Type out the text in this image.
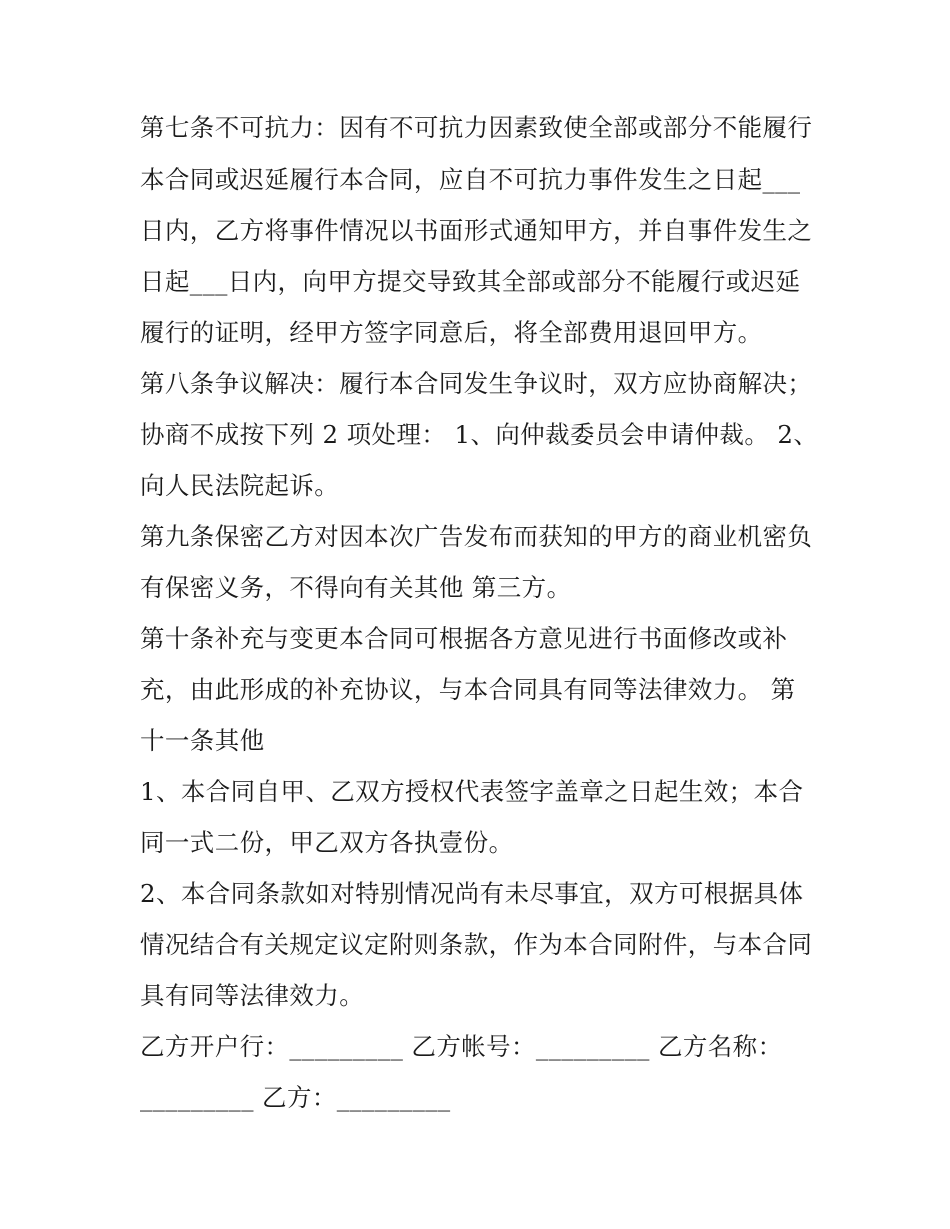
第七条不可抗力：因有不可抗力因素致使全部或部分不能履行
本合同或迟延履行本合同，应自不可抗力事件发生之日起___
日内，乙方将事件情况以书面形式通知甲方，并自事件发生之
日起___日内，向甲方提交导致其全部或部分不能履行或迟延
履行的证明，经甲方签字同意后，将全部费用退回甲方。
第八条争议解决：履行本合同发生争议时，双方应协商解决；
协商不成按下列 2 项处理： 1、向仲裁委员会申请仲裁。 2、
向人民法院起诉。
第九条保密乙方对因本次广告发布而获知的甲方的商业机密负
有保密义务，不得向有关其他 第三方。
第十条补充与变更本合同可根据各方意见进行书面修改或补
充，由此形成的补充协议，与本合同具有同等法律效力。 第
十一条其他
1、本合同自甲、乙双方授权代表签字盖章之日起生效；本合
同一式二份，甲乙双方各执壹份。
2、本合同条款如对特别情况尚有未尽事宜，双方可根据具体
情况结合有关规定议定附则条款，作为本合同附件，与本合同
具有同等法律效力。
乙方开户行：_________ 乙方帐号：_________ 乙方名称：
_________ 乙方：_________
